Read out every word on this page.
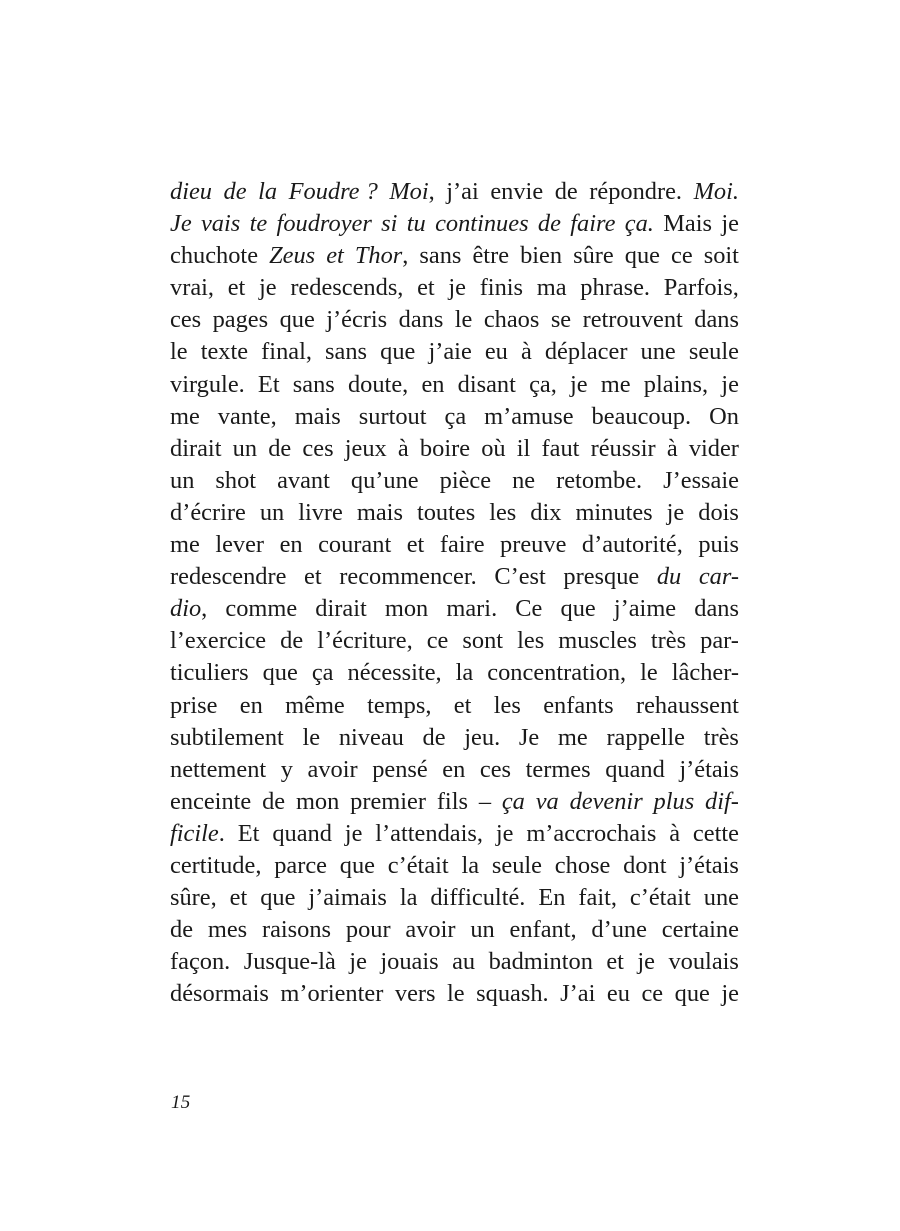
dieu de la Foudre ? Moi, j’ai envie de répondre. Moi.
Je vais te foudroyer si tu continues de faire ça. Mais je
chuchote Zeus et Thor, sans être bien sûre que ce soit
vrai, et je redescends, et je finis ma phrase. Parfois,
ces pages que j’écris dans le chaos se retrouvent dans
le texte final, sans que j’aie eu à déplacer une seule
virgule. Et sans doute, en disant ça, je me plains, je
me vante, mais surtout ça m’amuse beaucoup. On
dirait un de ces jeux à boire où il faut réussir à vider
un shot avant qu’une pièce ne retombe. J’essaie
d’écrire un livre mais toutes les dix minutes je dois
me lever en courant et faire preuve d’autorité, puis
redescendre et recommencer. C’est presque du car-
dio, comme dirait mon mari. Ce que j’aime dans
l’exercice de l’écriture, ce sont les muscles très par-
ticuliers que ça nécessite, la concentration, le lâcher-
prise en même temps, et les enfants rehaussent
subtilement le niveau de jeu. Je me rappelle très
nettement y avoir pensé en ces termes quand j’étais
enceinte de mon premier fils – ça va devenir plus dif-
ficile. Et quand je l’attendais, je m’accrochais à cette
certitude, parce que c’était la seule chose dont j’étais
sûre, et que j’aimais la difficulté. En fait, c’était une
de mes raisons pour avoir un enfant, d’une certaine
façon. Jusque-là je jouais au badminton et je voulais
désormais m’orienter vers le squash. J’ai eu ce que je
15
